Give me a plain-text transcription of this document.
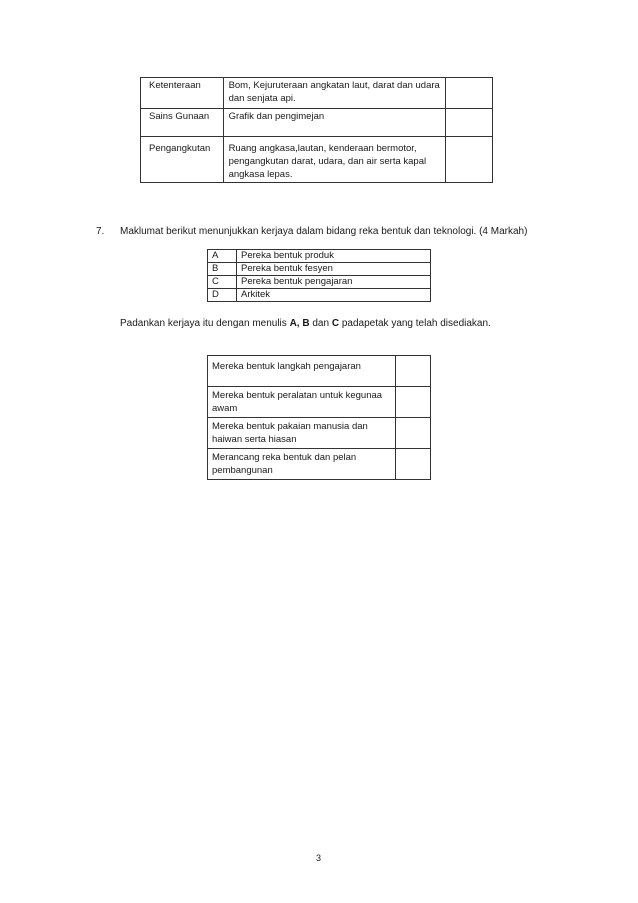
Ketenteraan	Bom, Kejuruteraan angkatan laut, darat dan udara dan senjata api.	
Sains Gunaan	Grafik dan pengimejan	
Pengangkutan	Ruang angkasa,lautan, kenderaan bermotor, pengangkutan darat, udara, dan air serta kapal angkasa lepas.	
7. Maklumat berikut menunjukkan kerjaya dalam bidang reka bentuk dan teknologi. (4 Markah)
A	Pereka bentuk produk
B	Pereka bentuk fesyen
C	Pereka bentuk pengajaran
D	Arkitek
Padankan kerjaya itu dengan menulis A, B dan C padapetak yang telah disediakan.
Mereka bentuk langkah pengajaran	
Mereka bentuk peralatan untuk kegunaa awam	
Mereka bentuk pakaian manusia dan haiwan serta hiasan	
Merancang reka bentuk dan pelan pembangunan	
3
